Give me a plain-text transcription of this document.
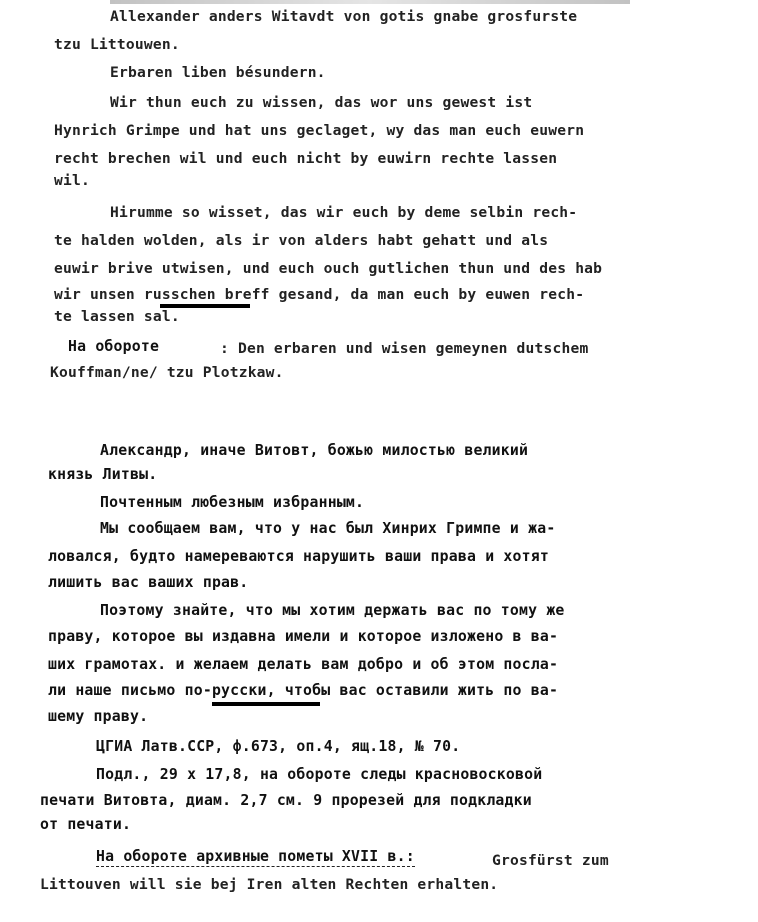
Allexander anders Witavdt von gotis gnabe grosfurste
tzu Littouwen.
Erbaren liben bésundern.
Wir thun euch zu wissen, das wor uns gewest ist
Hynrich Grimpe und hat uns geclaget, wy das man euch euwern
recht brechen wil und euch nicht by euwirn rechte lassen
wil.
Hirumme so wisset, das wir euch by deme selbin rech-
te halden wolden, als ir von alders habt gehatt und als
euwir brive utwisen, und euch ouch gutlichen thun und des hab
wir unsen russchen breff gesand, da man euch by euwen rech-
te lassen sal.
На обороте	: Den erbaren und wisen gemeynen dutschem
Kouffman/ne/ tzu Plotzkaw.
Александр, иначе Витовт, божью милостью великий
князь Литвы.
Почтенным любезным избранным.
Мы сообщаем вам, что у нас был Хинрих Гримпе и жа-
ловался, будто намереваются нарушить ваши права и хотят
лишить вас ваших прав.
Поэтому знайте, что мы хотим держать вас по тому же
праву, которое вы издавна имели и которое изложено в ва-
ших грамотах. и желаем делать вам добро и об этом посла-
ли наше письмо по-русски, чтобы вас оставили жить по ва-
шему праву.
ЦГИА Латв.ССР, ф.673, оп.4, ящ.18, № 70.
Подл., 29 х 17,8, на обороте следы красновосковой
печати Витовта, диам. 2,7 см. 9 прорезей для подкладки
от печати.
На обороте архивные пометы XVII в.:	Grosfürst zum
Littouven will sie bej Iren alten Rechten erhalten.
